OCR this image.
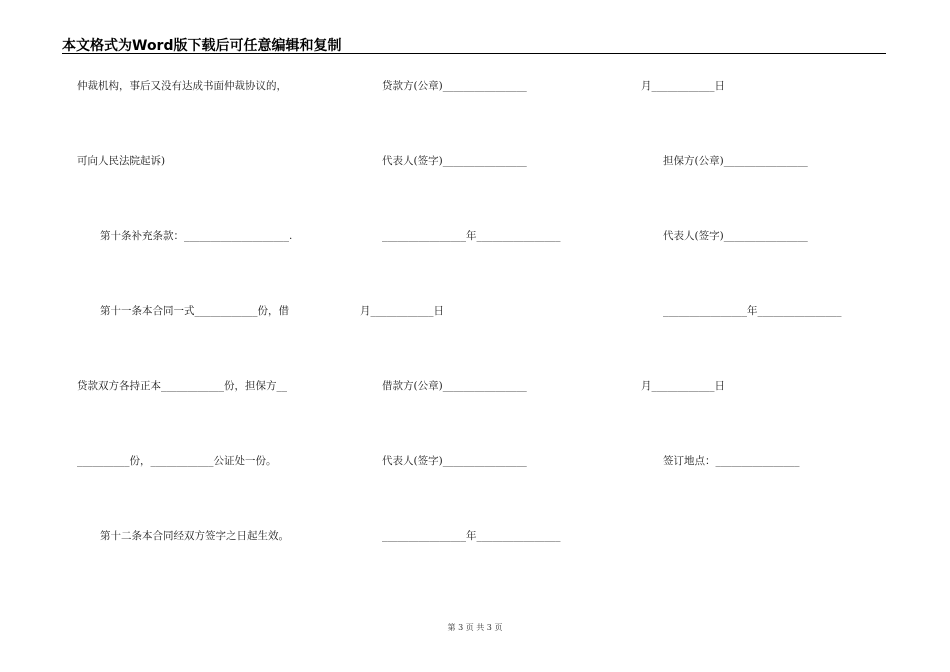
本文格式为Word版下载后可任意编辑和复制
仲裁机构，事后又没有达成书面仲裁协议的，
可向人民法院起诉)
第十条补充条款：____________________.
第十一条本合同一式____________份，借
贷款双方各持正本____________份，担保方__
__________份，____________公证处一份。
第十二条本合同经双方签字之日起生效。
贷款方(公章)________________
代表人(签字)________________
________________年________________
月____________日
借款方(公章)________________
代表人(签字)________________
________________年________________
月____________日
担保方(公章)________________
代表人(签字)________________
________________年________________
月____________日
签订地点：________________
第 3 页 共 3 页
